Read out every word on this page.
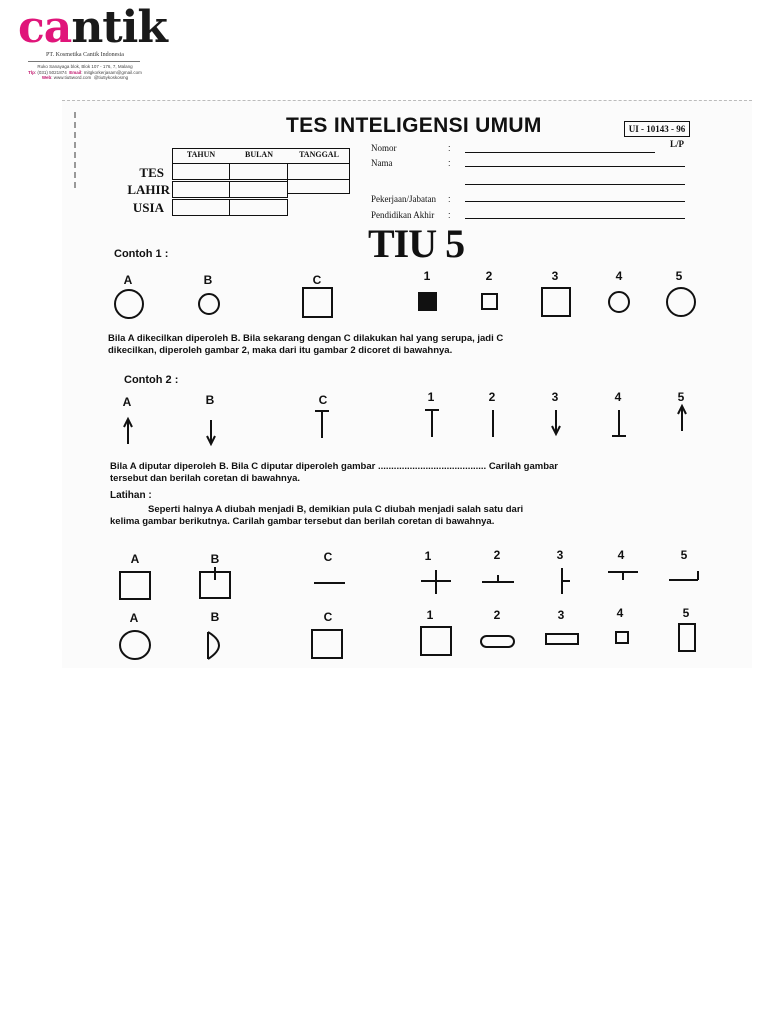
cantik
PT. Kosmetika Cantik Indonesia
Ruko Sanayaga blok, Blok 107 - 176, 7, Malang
Tlp: (031) 5021874 Email: mitgkorkerjasam@gmail.com
Web: www.tiu5word.com @tiu5ykoskosmg
TES INTELIGENSI UMUM	UI - 10143 - 96
L/P
TAHUN	BULAN	TANGGAL
TES
LAHIR
USIA
Nomor	:
Nama	:
Pekerjaan/Jabatan :
Pendidikan Akhir :
TIU 5
Contoh 1 :
A	B	C	1	2	3	4	5
Bila A dikecilkan diperoleh B. Bila sekarang dengan C dilakukan hal yang serupa, jadi C
dikecilkan, diperoleh gambar 2, maka dari itu gambar 2 dicoret di bawahnya.
Contoh 2 :
A	B	C	1	2	3	4	5
Bila A diputar diperoleh B. Bila C diputar diperoleh gambar ......................................... Carilah gambar
tersebut dan berilah coretan di bawahnya.
Latihan :
Seperti halnya A diubah menjadi B, demikian pula C diubah menjadi salah satu dari
kelima gambar berikutnya. Carilah gambar tersebut dan berilah coretan di bawahnya.
A	B	C	1	2	3	4	5
A	B	C	1	2	3	4	5
